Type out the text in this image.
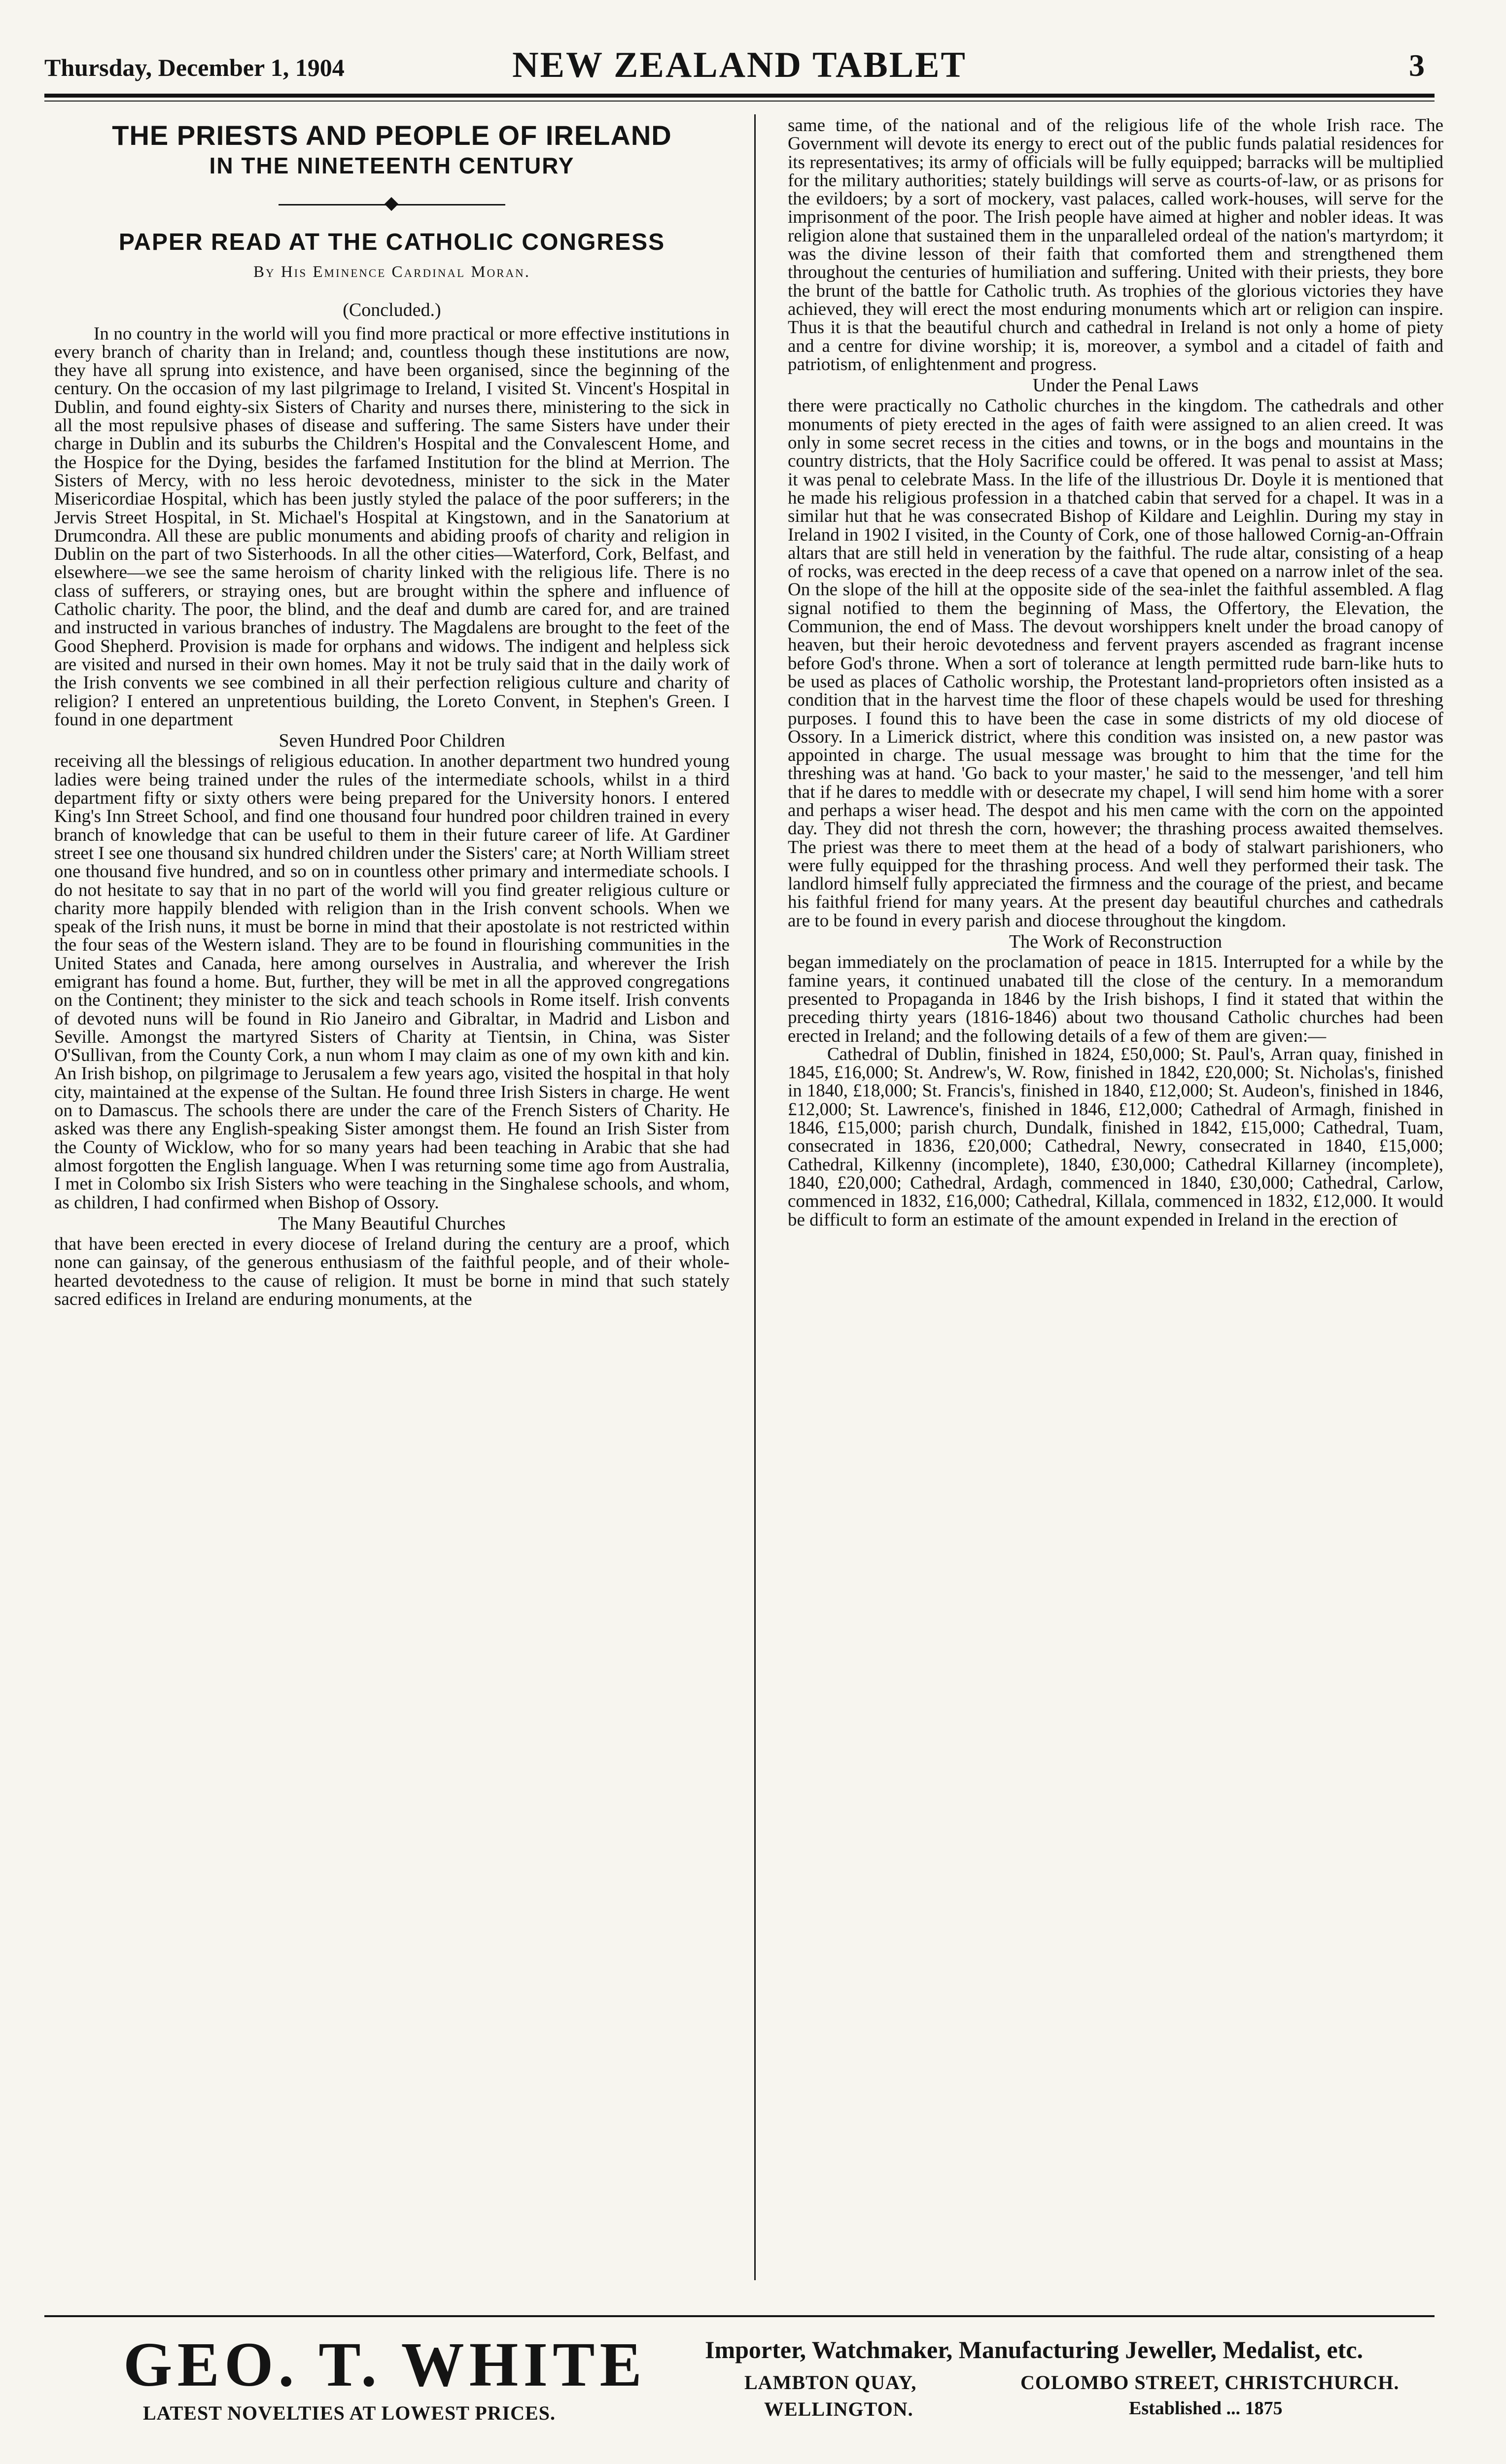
Thursday, December 1, 1904	NEW ZEALAND TABLET	3
THE PRIESTS AND PEOPLE OF IRELAND
IN THE NINETEENTH CENTURY
PAPER READ AT THE CATHOLIC CONGRESS
By His Eminence Cardinal Moran.
(Concluded.)

In no country in the world will you find more practical or more effective institutions in every branch of charity than in Ireland; and, countless though these institutions are now, they have all sprung into existence, and have been organised, since the beginning of the century. On the occasion of my last pilgrimage to Ireland, I visited St. Vincent's Hospital in Dublin, and found eighty-six Sisters of Charity and nurses there, ministering to the sick in all the most repulsive phases of disease and suffering. The same Sisters have under their charge in Dublin and its suburbs the Children's Hospital and the Convalescent Home, and the Hospice for the Dying, besides the farfamed Institution for the blind at Merrion. The Sisters of Mercy, with no less heroic devotedness, minister to the sick in the Mater Misericordiae Hospital, which has been justly styled the palace of the poor sufferers; in the Jervis Street Hospital, in St. Michael's Hospital at Kingstown, and in the Sanatorium at Drumcondra. All these are public monuments and abiding proofs of charity and religion in Dublin on the part of two Sisterhoods. In all the other cities—Waterford, Cork, Belfast, and elsewhere—we see the same heroism of charity linked with the religious life. There is no class of sufferers, or straying ones, but are brought within the sphere and influence of Catholic charity. The poor, the blind, and the deaf and dumb are cared for, and are trained and instructed in various branches of industry. The Magdalens are brought to the feet of the Good Shepherd. Provision is made for orphans and widows. The indigent and helpless sick are visited and nursed in their own homes. May it not be truly said that in the daily work of the Irish convents we see combined in all their perfection religious culture and charity of religion? I entered an unpretentious building, the Loreto Convent, in Stephen's Green. I found in one department

Seven Hundred Poor Children

receiving all the blessings of religious education. In another department two hundred young ladies were being trained under the rules of the intermediate schools, whilst in a third department fifty or sixty others were being prepared for the University honors. I entered King's Inn Street School, and find one thousand four hundred poor children trained in every branch of knowledge that can be useful to them in their future career of life. At Gardiner street I see one thousand six hundred children under the Sisters' care; at North William street one thousand five hundred, and so on in countless other primary and intermediate schools. I do not hesitate to say that in no part of the world will you find greater religious culture or charity more happily blended with religion than in the Irish convent schools. When we speak of the Irish nuns, it must be borne in mind that their apostolate is not restricted within the four seas of the Western island. They are to be found in flourishing communities in the United States and Canada, here among ourselves in Australia, and wherever the Irish emigrant has found a home. But, further, they will be met in all the approved congregations on the Continent; they minister to the sick and teach schools in Rome itself. Irish convents of devoted nuns will be found in Rio Janeiro and Gibraltar, in Madrid and Lisbon and Seville. Amongst the martyred Sisters of Charity at Tientsin, in China, was Sister O'Sullivan, from the County Cork, a nun whom I may claim as one of my own kith and kin. An Irish bishop, on pilgrimage to Jerusalem a few years ago, visited the hospital in that holy city, maintained at the expense of the Sultan. He found three Irish Sisters in charge. He went on to Damascus. The schools there are under the care of the French Sisters of Charity. He asked was there any English-speaking Sister amongst them. He found an Irish Sister from the County of Wicklow, who for so many years had been teaching in Arabic that she had almost forgotten the English language. When I was returning some time ago from Australia, I met in Colombo six Irish Sisters who were teaching in the Singhalese schools, and whom, as children, I had confirmed when Bishop of Ossory.

The Many Beautiful Churches

that have been erected in every diocese of Ireland during the century are a proof, which none can gainsay, of the generous enthusiasm of the faithful people, and of their whole-hearted devotedness to the cause of religion. It must be borne in mind that such stately sacred edifices in Ireland are enduring monuments, at the

same time, of the national and of the religious life of the whole Irish race. The Government will devote its energy to erect out of the public funds palatial residences for its representatives; its army of officials will be fully equipped; barracks will be multiplied for the military authorities; stately buildings will serve as courts-of-law, or as prisons for the evildoers; by a sort of mockery, vast palaces, called work-houses, will serve for the imprisonment of the poor. The Irish people have aimed at higher and nobler ideas. It was religion alone that sustained them in the unparalleled ordeal of the nation's martyrdom; it was the divine lesson of their faith that comforted them and strengthened them throughout the centuries of humiliation and suffering. United with their priests, they bore the brunt of the battle for Catholic truth. As trophies of the glorious victories they have achieved, they will erect the most enduring monuments which art or religion can inspire. Thus it is that the beautiful church and cathedral in Ireland is not only a home of piety and a centre for divine worship; it is, moreover, a symbol and a citadel of faith and patriotism, of enlightenment and progress.

Under the Penal Laws

there were practically no Catholic churches in the kingdom. The cathedrals and other monuments of piety erected in the ages of faith were assigned to an alien creed. It was only in some secret recess in the cities and towns, or in the bogs and mountains in the country districts, that the Holy Sacrifice could be offered. It was penal to assist at Mass; it was penal to celebrate Mass. In the life of the illustrious Dr. Doyle it is mentioned that he made his religious profession in a thatched cabin that served for a chapel. It was in a similar hut that he was consecrated Bishop of Kildare and Leighlin. During my stay in Ireland in 1902 I visited, in the County of Cork, one of those hallowed Cornig-an-Offrain altars that are still held in veneration by the faithful. The rude altar, consisting of a heap of rocks, was erected in the deep recess of a cave that opened on a narrow inlet of the sea. On the slope of the hill at the opposite side of the sea-inlet the faithful assembled. A flag signal notified to them the beginning of Mass, the Offertory, the Elevation, the Communion, the end of Mass. The devout worshippers knelt under the broad canopy of heaven, but their heroic devotedness and fervent prayers ascended as fragrant incense before God's throne. When a sort of tolerance at length permitted rude barn-like huts to be used as places of Catholic worship, the Protestant land-proprietors often insisted as a condition that in the harvest time the floor of these chapels would be used for threshing purposes. I found this to have been the case in some districts of my old diocese of Ossory. In a Limerick district, where this condition was insisted on, a new pastor was appointed in charge. The usual message was brought to him that the time for the threshing was at hand. 'Go back to your master,' he said to the messenger, 'and tell him that if he dares to meddle with or desecrate my chapel, I will send him home with a sorer and perhaps a wiser head. The despot and his men came with the corn on the appointed day. They did not thresh the corn, however; the thrashing process awaited themselves. The priest was there to meet them at the head of a body of stalwart parishioners, who were fully equipped for the thrashing process. And well they performed their task. The landlord himself fully appreciated the firmness and the courage of the priest, and became his faithful friend for many years. At the present day beautiful churches and cathedrals are to be found in every parish and diocese throughout the kingdom.

The Work of Reconstruction

began immediately on the proclamation of peace in 1815. Interrupted for a while by the famine years, it continued unabated till the close of the century. In a memorandum presented to Propaganda in 1846 by the Irish bishops, I find it stated that within the preceding thirty years (1816-1846) about two thousand Catholic churches had been erected in Ireland; and the following details of a few of them are given:—

Cathedral of Dublin, finished in 1824, £50,000; St. Paul's, Arran quay, finished in 1845, £16,000; St. Andrew's, W. Row, finished in 1842, £20,000; St. Nicholas's, finished in 1840, £18,000; St. Francis's, finished in 1840, £12,000; St. Audeon's, finished in 1846, £12,000; St. Lawrence's, finished in 1846, £12,000; Cathedral of Armagh, finished in 1846, £15,000; parish church, Dundalk, finished in 1842, £15,000; Cathedral, Tuam, consecrated in 1836, £20,000; Cathedral, Newry, consecrated in 1840, £15,000; Cathedral, Kilkenny (incomplete), 1840, £30,000; Cathedral Killarney (incomplete), 1840, £20,000; Cathedral, Ardagh, commenced in 1840, £30,000; Cathedral, Carlow, commenced in 1832, £16,000; Cathedral, Killala, commenced in 1832, £12,000. It would be difficult to form an estimate of the amount expended in Ireland in the erection of

GEO. T. WHITE
LATEST NOVELTIES AT LOWEST PRICES.
Importer, Watchmaker, Manufacturing Jeweller, Medalist, etc.
LAMBTON QUAY,	COLOMBO STREET, CHRISTCHURCH.
WELLINGTON.	Established ... 1875
